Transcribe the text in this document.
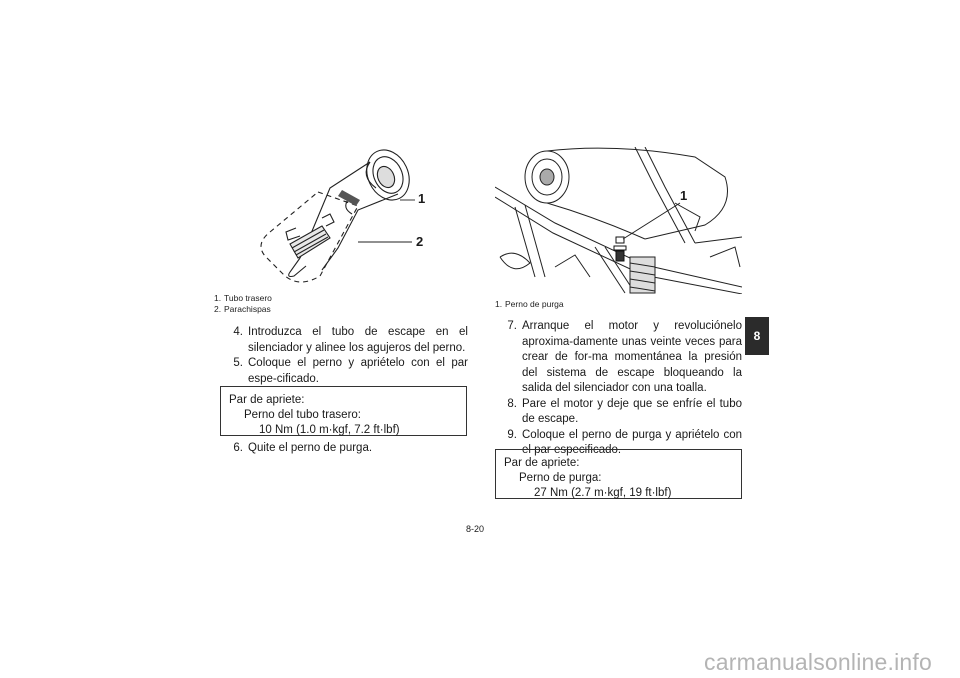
1
2
1. Tubo trasero
2. Parachispas
4. Introduzca el tubo de escape en el silenciador y alinee los agujeros del perno.
5. Coloque el perno y apriételo con el par espe-cificado.
Par de apriete:
Perno del tubo trasero:
10 Nm (1.0 m·kgf, 7.2 ft·lbf)
6. Quite el perno de purga.
1
1. Perno de purga
7. Arranque el motor y revoluciónelo aproxima-damente unas veinte veces para crear de for-ma momentánea la presión del sistema de escape bloqueando la salida del silenciador con una toalla.
8. Pare el motor y deje que se enfríe el tubo de escape.
9. Coloque el perno de purga y apriételo con el par especificado.
Par de apriete:
Perno de purga:
27 Nm (2.7 m·kgf, 19 ft·lbf)
8
8-20
carmanualsonline.info
